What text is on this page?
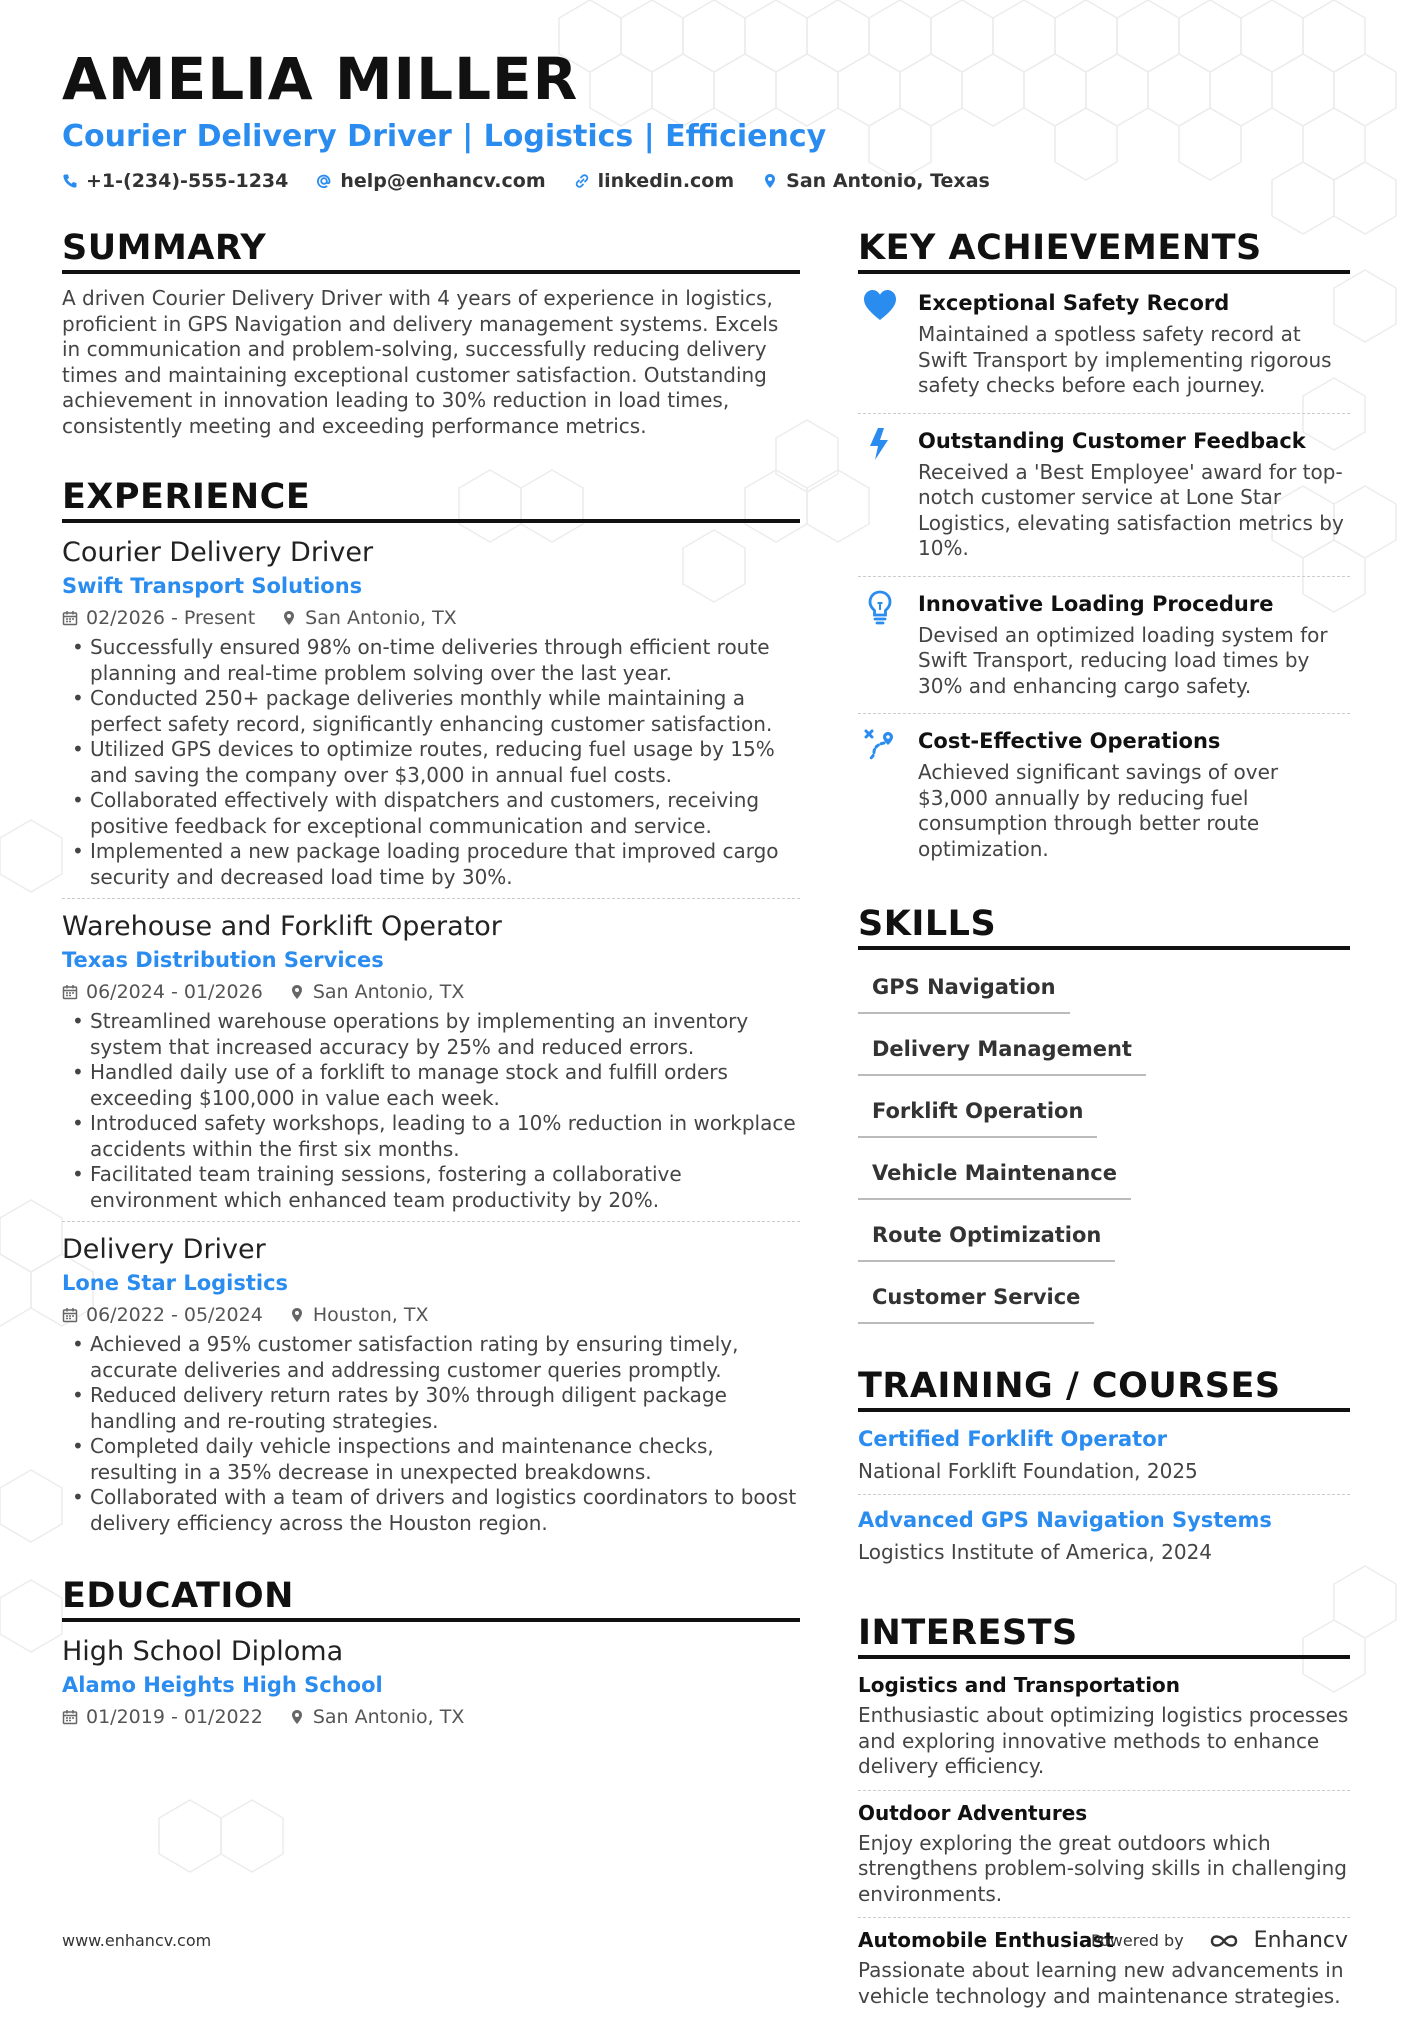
AMELIA MILLER
Courier Delivery Driver | Logistics | Efficiency
+1-(234)-555-1234	help@enhancv.com	linkedin.com	San Antonio, Texas
SUMMARY

A driven Courier Delivery Driver with 4 years of experience in logistics, proficient in GPS Navigation and delivery management systems. Excels in communication and problem-solving, successfully reducing delivery times and maintaining exceptional customer satisfaction. Outstanding achievement in innovation leading to 30% reduction in load times, consistently meeting and exceeding performance metrics.

EXPERIENCE
Courier Delivery Driver
Swift Transport Solutions
02/2026 - Present	San Antonio, TX
• Successfully ensured 98% on-time deliveries through efficient route planning and real-time problem solving over the last year.
• Conducted 250+ package deliveries monthly while maintaining a perfect safety record, significantly enhancing customer satisfaction.
• Utilized GPS devices to optimize routes, reducing fuel usage by 15% and saving the company over $3,000 in annual fuel costs.
• Collaborated effectively with dispatchers and customers, receiving positive feedback for exceptional communication and service.
• Implemented a new package loading procedure that improved cargo security and decreased load time by 30%.
Warehouse and Forklift Operator
Texas Distribution Services
06/2024 - 01/2026	San Antonio, TX
• Streamlined warehouse operations by implementing an inventory system that increased accuracy by 25% and reduced errors.
• Handled daily use of a forklift to manage stock and fulfill orders exceeding $100,000 in value each week.
• Introduced safety workshops, leading to a 10% reduction in workplace accidents within the first six months.
• Facilitated team training sessions, fostering a collaborative environment which enhanced team productivity by 20%.
Delivery Driver
Lone Star Logistics
06/2022 - 05/2024	Houston, TX
• Achieved a 95% customer satisfaction rating by ensuring timely, accurate deliveries and addressing customer queries promptly.
• Reduced delivery return rates by 30% through diligent package handling and re-routing strategies.
• Completed daily vehicle inspections and maintenance checks, resulting in a 35% decrease in unexpected breakdowns.
• Collaborated with a team of drivers and logistics coordinators to boost delivery efficiency across the Houston region.
EDUCATION
High School Diploma
Alamo Heights High School
01/2019 - 01/2022	San Antonio, TX
KEY ACHIEVEMENTS
Exceptional Safety Record
Maintained a spotless safety record at Swift Transport by implementing rigorous safety checks before each journey.
Outstanding Customer Feedback
Received a 'Best Employee' award for top-notch customer service at Lone Star Logistics, elevating satisfaction metrics by 10%.
Innovative Loading Procedure
Devised an optimized loading system for Swift Transport, reducing load times by 30% and enhancing cargo safety.
Cost-Effective Operations
Achieved significant savings of over $3,000 annually by reducing fuel consumption through better route optimization.
SKILLS
GPS Navigation
Delivery Management
Forklift Operation
Vehicle Maintenance
Route Optimization
Customer Service
TRAINING / COURSES
Certified Forklift Operator
National Forklift Foundation, 2025
Advanced GPS Navigation Systems
Logistics Institute of America, 2024
INTERESTS
Logistics and Transportation
Enthusiastic about optimizing logistics processes and exploring innovative methods to enhance delivery efficiency.
Outdoor Adventures
Enjoy exploring the great outdoors which strengthens problem-solving skills in challenging environments.
Automobile Enthusiast
Passionate about learning new advancements in vehicle technology and maintenance strategies.
www.enhancv.com	Powered by	Enhancv
